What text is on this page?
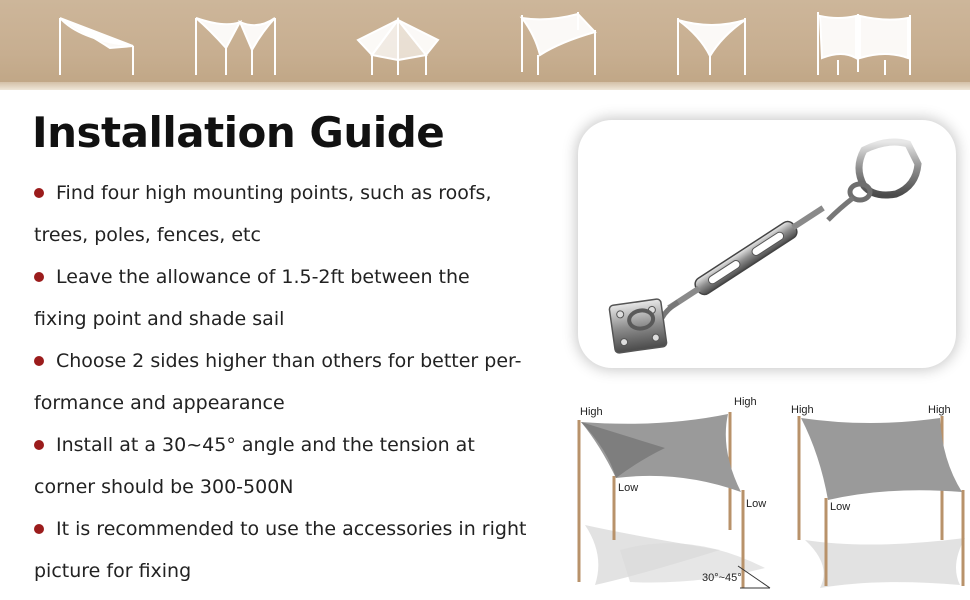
Installation Guide
Find four high mounting points, such as roofs,
trees, poles, fences, etc
Leave the allowance of 1.5-2ft between the
fixing point and shade sail
Choose 2 sides higher than others for better per-
formance and appearance
Install at a 30~45° angle and the tension at
corner should be 300-500N
It is recommended to use the accessories in right
picture for fixing
High
High
Low
Low
30°~45°
High	High
Low
